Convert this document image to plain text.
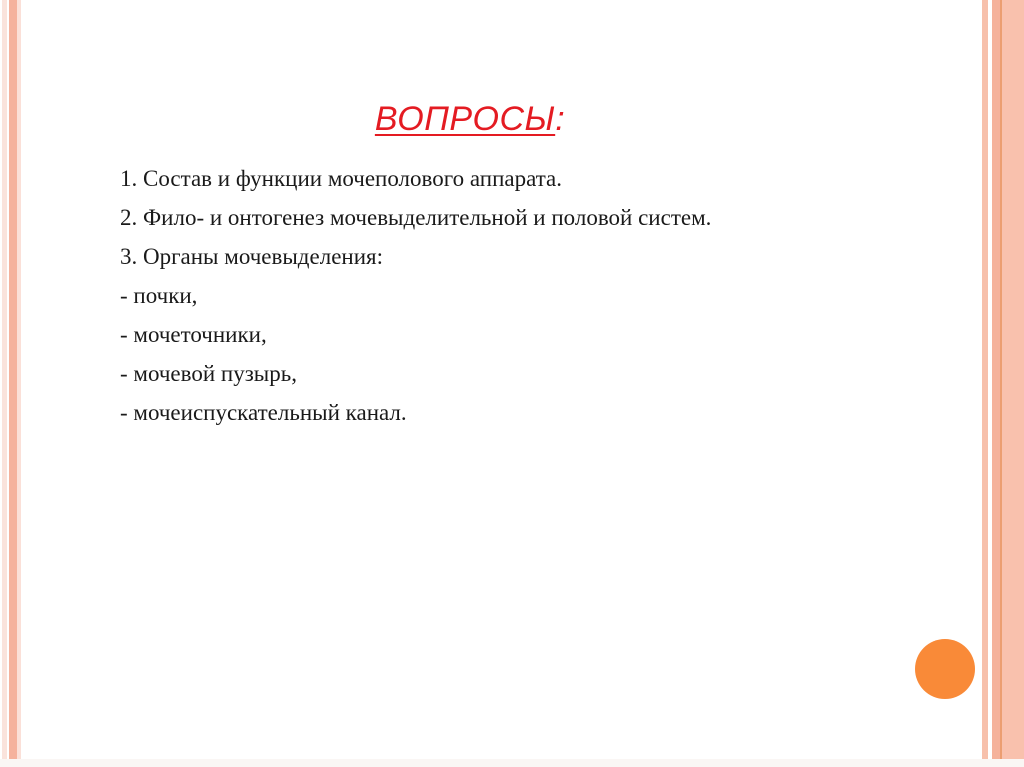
ВОПРОСЫ:
1. Состав и функции мочеполового аппарата.
2. Фило- и онтогенез мочевыделительной и половой систем.
3. Органы мочевыделения:
- почки,
- мочеточники,
- мочевой пузырь,
- мочеиспускательный канал.
